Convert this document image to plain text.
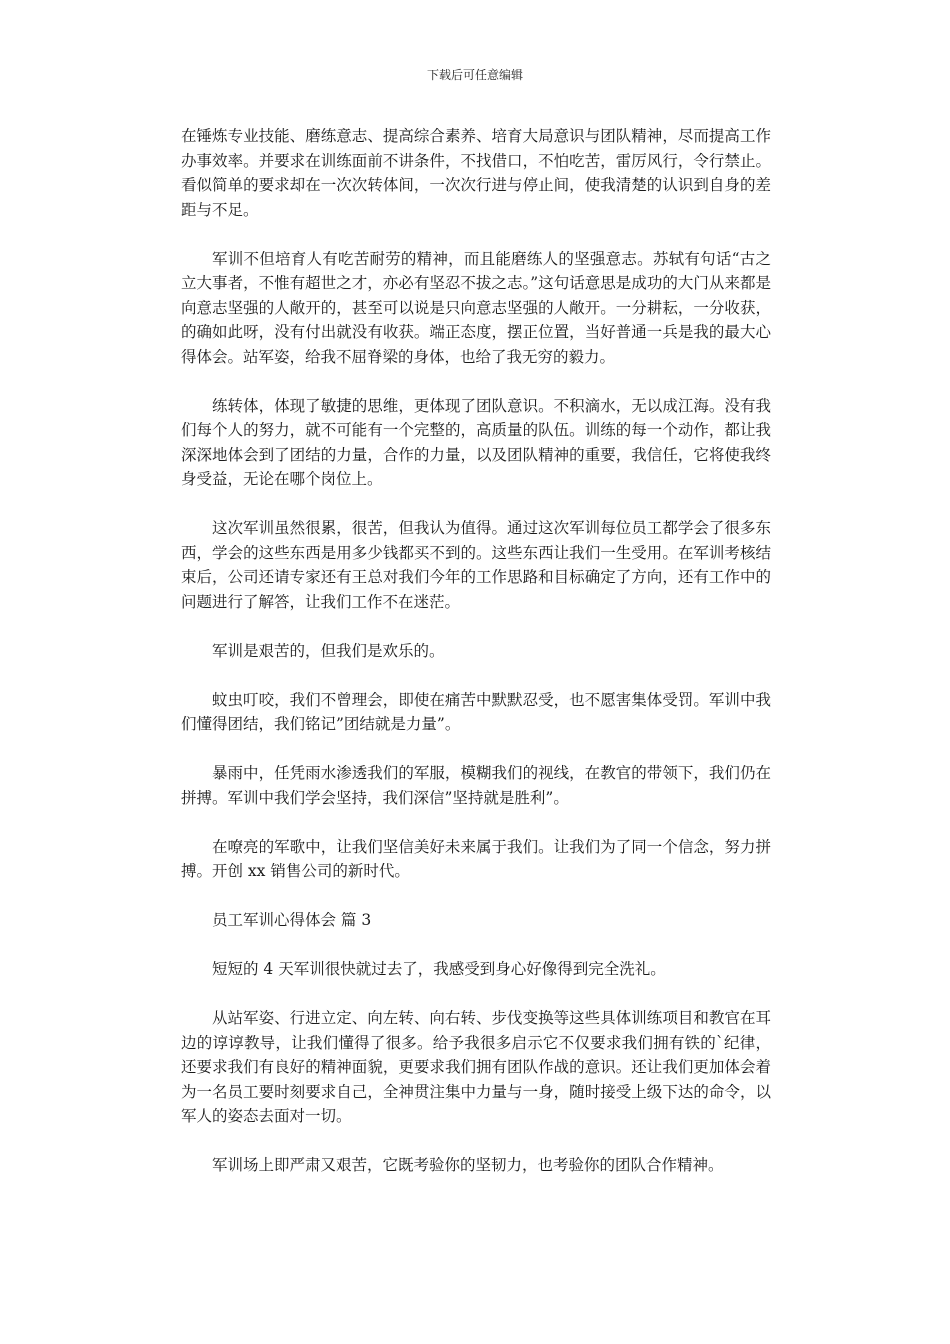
下载后可任意编辑

在锤炼专业技能、磨练意志、提高综合素养、培育大局意识与团队精神，尽而提高工作办事效率。并要求在训练面前不讲条件，不找借口，不怕吃苦，雷厉风行，令行禁止。看似简单的要求却在一次次转体间，一次次行进与停止间，使我清楚的认识到自身的差距与不足。

军训不但培育人有吃苦耐劳的精神，而且能磨练人的坚强意志。苏轼有句话“古之立大事者，不惟有超世之才，亦必有坚忍不拔之志。”这句话意思是成功的大门从来都是向意志坚强的人敞开的，甚至可以说是只向意志坚强的人敞开。一分耕耘，一分收获，的确如此呀，没有付出就没有收获。端正态度，摆正位置，当好普通一兵是我的最大心得体会。站军姿，给我不屈脊梁的身体，也给了我无穷的毅力。

练转体，体现了敏捷的思维，更体现了团队意识。不积滴水，无以成江海。没有我们每个人的努力，就不可能有一个完整的，高质量的队伍。训练的每一个动作，都让我深深地体会到了团结的力量，合作的力量，以及团队精神的重要，我信任，它将使我终身受益，无论在哪个岗位上。

这次军训虽然很累，很苦，但我认为值得。通过这次军训每位员工都学会了很多东西，学会的这些东西是用多少钱都买不到的。这些东西让我们一生受用。在军训考核结束后，公司还请专家还有王总对我们今年的工作思路和目标确定了方向，还有工作中的问题进行了解答，让我们工作不在迷茫。

军训是艰苦的，但我们是欢乐的。

蚊虫叮咬，我们不曾理会，即使在痛苦中默默忍受，也不愿害集体受罚。军训中我们懂得团结，我们铭记”团结就是力量”。

暴雨中，任凭雨水渗透我们的军服，模糊我们的视线，在教官的带领下，我们仍在拼搏。军训中我们学会坚持，我们深信”坚持就是胜利”。

在嘹亮的军歌中，让我们坚信美好未来属于我们。让我们为了同一个信念，努力拼搏。开创 xx 销售公司的新时代。

员工军训心得体会 篇 3

短短的 4 天军训很快就过去了，我感受到身心好像得到完全洗礼。

从站军姿、行进立定、向左转、向右转、步伐变换等这些具体训练项目和教官在耳边的谆谆教导，让我们懂得了很多。给予我很多启示它不仅要求我们拥有铁的`纪律，还要求我们有良好的精神面貌，更要求我们拥有团队作战的意识。还让我们更加体会着为一名员工要时刻要求自己，全神贯注集中力量与一身，随时接受上级下达的命令，以军人的姿态去面对一切。

军训场上即严肃又艰苦，它既考验你的坚韧力，也考验你的团队合作精神。
